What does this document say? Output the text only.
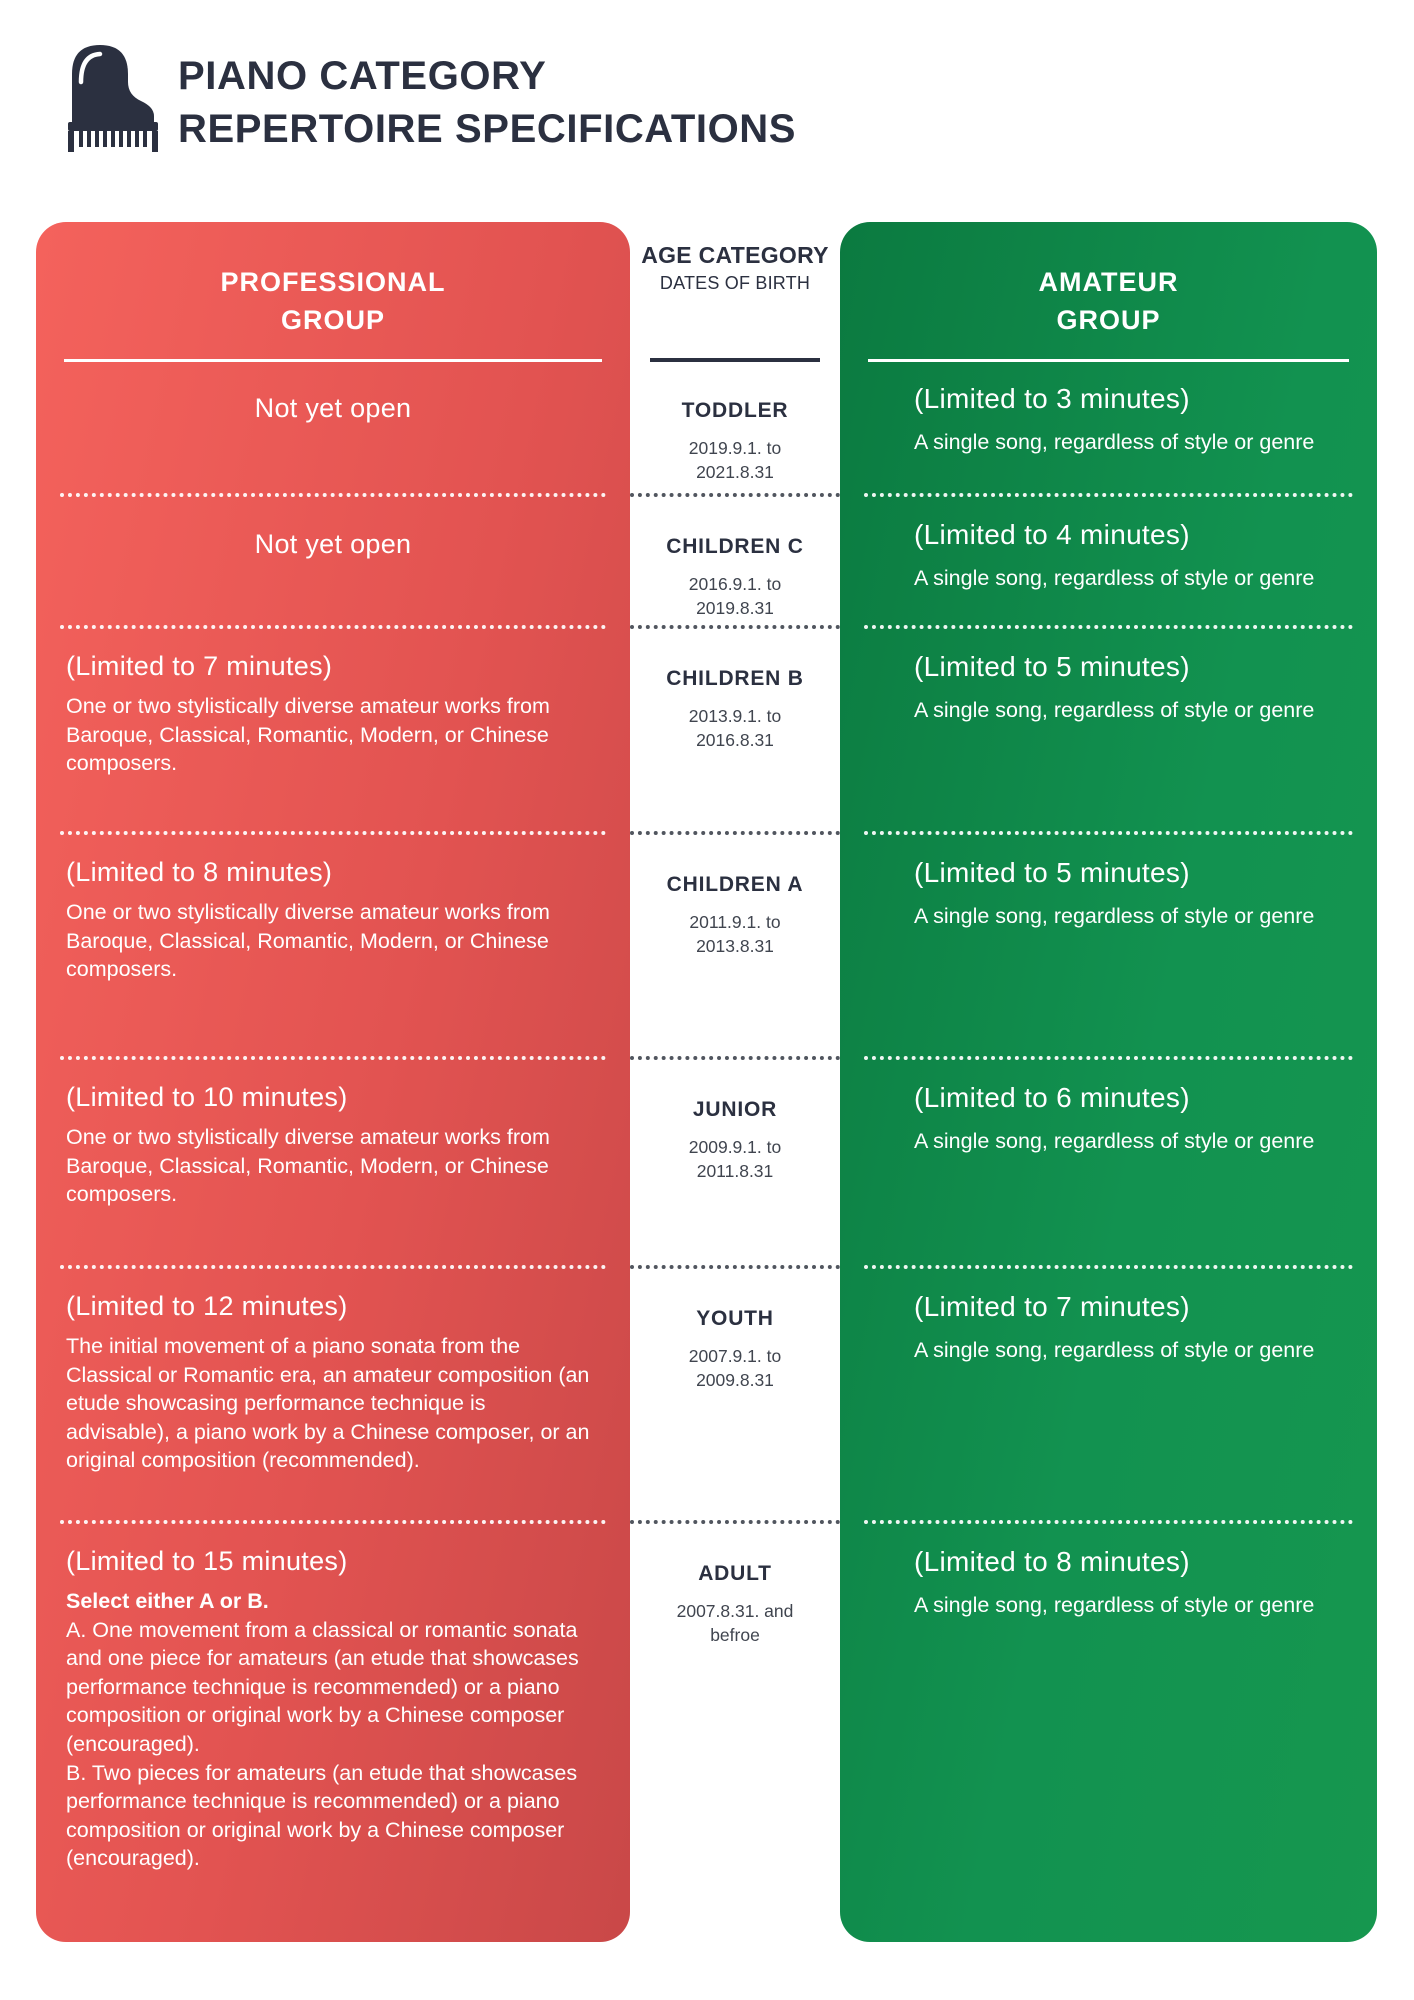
PIANO CATEGORY
REPERTOIRE SPECIFICATIONS
PROFESSIONAL
GROUP
Not yet open
Not yet open
(Limited to 7 minutes)

One or two stylistically diverse amateur works from Baroque, Classical, Romantic, Modern, or Chinese composers.

(Limited to 8 minutes)

One or two stylistically diverse amateur works from Baroque, Classical, Romantic, Modern, or Chinese composers.

(Limited to 10 minutes)

One or two stylistically diverse amateur works from Baroque, Classical, Romantic, Modern, or Chinese composers.

(Limited to 12 minutes)

The initial movement of a piano sonata from the Classical or Romantic era, an amateur composition (an etude showcasing performance technique is advisable), a piano work by a Chinese composer, or an original composition (recommended).

(Limited to 15 minutes)

Select either A or B.

A. One movement from a classical or romantic sonata and one piece for amateurs (an etude that showcases performance technique is recommended) or a piano composition or original work by a Chinese composer (encouraged).

B. Two pieces for amateurs (an etude that showcases performance technique is recommended) or a piano composition or original work by a Chinese composer (encouraged).

AGE CATEGORY
DATES OF BIRTH
TODDLER
2019.9.1. to
2021.8.31
CHILDREN C
2016.9.1. to
2019.8.31
CHILDREN B
2013.9.1. to
2016.8.31
CHILDREN A
2011.9.1. to
2013.8.31
JUNIOR
2009.9.1. to
2011.8.31
YOUTH
2007.9.1. to
2009.8.31
ADULT
2007.8.31. and
befroe
AMATEUR
GROUP
(Limited to 3 minutes)

A single song, regardless of style or genre

(Limited to 4 minutes)

A single song, regardless of style or genre

(Limited to 5 minutes)

A single song, regardless of style or genre

(Limited to 5 minutes)

A single song, regardless of style or genre

(Limited to 6 minutes)

A single song, regardless of style or genre

(Limited to 7 minutes)

A single song, regardless of style or genre

(Limited to 8 minutes)

A single song, regardless of style or genre
